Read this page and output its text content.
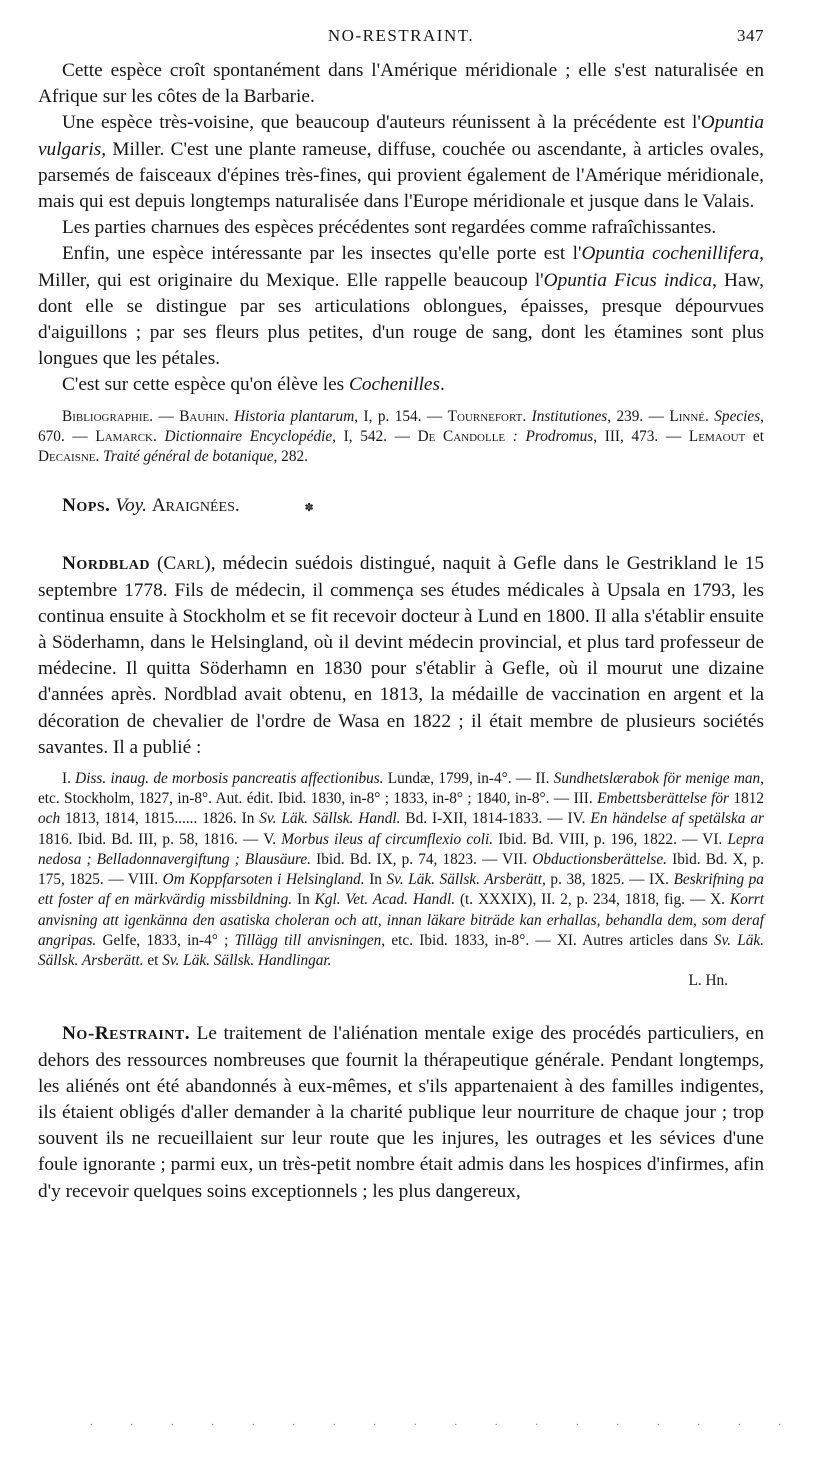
NO-RESTRAINT.	347

Cette espèce croît spontanément dans l'Amérique méridionale ; elle s'est naturalisée en Afrique sur les côtes de la Barbarie.

Une espèce très-voisine, que beaucoup d'auteurs réunissent à la précédente est l'Opuntia vulgaris, Miller. C'est une plante rameuse, diffuse, couchée ou ascendante, à articles ovales, parsemés de faisceaux d'épines très-fines, qui provient également de l'Amérique méridionale, mais qui est depuis longtemps naturalisée dans l'Europe méridionale et jusque dans le Valais.

Les parties charnues des espèces précédentes sont regardées comme rafraîchissantes.

Enfin, une espèce intéressante par les insectes qu'elle porte est l'Opuntia cochenillifera, Miller, qui est originaire du Mexique. Elle rappelle beaucoup l'Opuntia Ficus indica, Haw, dont elle se distingue par ses articulations oblongues, épaisses, presque dépourvues d'aiguillons ; par ses fleurs plus petites, d'un rouge de sang, dont les étamines sont plus longues que les pétales.

C'est sur cette espèce qu'on élève les Cochenilles.

Bibliographie. — Bauhin. Historia plantarum, I, p. 154. — Tournefort. Institutiones, 239. — Linné. Species, 670. — Lamarck. Dictionnaire Encyclopédie, I, 542. — De Candolle : Prodromus, III, 473. — Lemaout et Decaisne. Traité général de botanique, 282.

Nops. Voy. Araignées.	✽

Nordblad (Carl), médecin suédois distingué, naquit à Gefle dans le Gestrikland le 15 septembre 1778. Fils de médecin, il commença ses études médicales à Upsala en 1793, les continua ensuite à Stockholm et se fit recevoir docteur à Lund en 1800. Il alla s'établir ensuite à Söderhamn, dans le Helsingland, où il devint médecin provincial, et plus tard professeur de médecine. Il quitta Söderhamn en 1830 pour s'établir à Gefle, où il mourut une dizaine d'années après. Nordblad avait obtenu, en 1813, la médaille de vaccination en argent et la décoration de chevalier de l'ordre de Wasa en 1822 ; il était membre de plusieurs sociétés savantes. Il a publié :

I. Diss. inaug. de morbosis pancreatis affectionibus. Lundæ, 1799, in-4°. — II. Sundhetslærabok för menige man, etc. Stockholm, 1827, in-8°. Aut. édit. Ibid. 1830, in-8° ; 1833, in-8° ; 1840, in-8°. — III. Embettsberättelse för 1812 och 1813, 1814, 1815...... 1826. In Sv. Läk. Sällsk. Handl. Bd. I-XII, 1814-1833. — IV. En händelse af spetälska ar 1816. Ibid. Bd. III, p. 58, 1816. — V. Morbus ileus af circumflexio coli. Ibid. Bd. VIII, p. 196, 1822. — VI. Lepra nedosa ; Belladonnavergiftung ; Blausäure. Ibid. Bd. IX, p. 74, 1823. — VII. Obductionsberättelse. Ibid. Bd. X, p. 175, 1825. — VIII. Om Koppfarsoten i Helsingland. In Sv. Läk. Sällsk. Arsberätt, p. 38, 1825. — IX. Beskrifning pa ett foster af en märkvärdig missbildning. In Kgl. Vet. Acad. Handl. (t. XXXIX), II. 2, p. 234, 1818, fig. — X. Korrt anvisning att igenkänna den asatiska choleran och att, innan läkare biträde kan erhallas, behandla dem, som deraf angripas. Gelfe, 1833, in-4° ; Tillägg till anvisningen, etc. Ibid. 1833, in-8°. — XI. Autres articles dans Sv. Läk. Sällsk. Arsberätt. et Sv. Läk. Sällsk. Handlingar.

L. Hn.

No-Restraint. Le traitement de l'aliénation mentale exige des procédés particuliers, en dehors des ressources nombreuses que fournit la thérapeutique générale. Pendant longtemps, les aliénés ont été abandonnés à eux-mêmes, et s'ils appartenaient à des familles indigentes, ils étaient obligés d'aller demander à la charité publique leur nourriture de chaque jour ; trop souvent ils ne recueillaient sur leur route que les injures, les outrages et les sévices d'une foule ignorante ; parmi eux, un très-petit nombre était admis dans les hospices d'infirmes, afin d'y recevoir quelques soins exceptionnels ; les plus dangereux,

..................
